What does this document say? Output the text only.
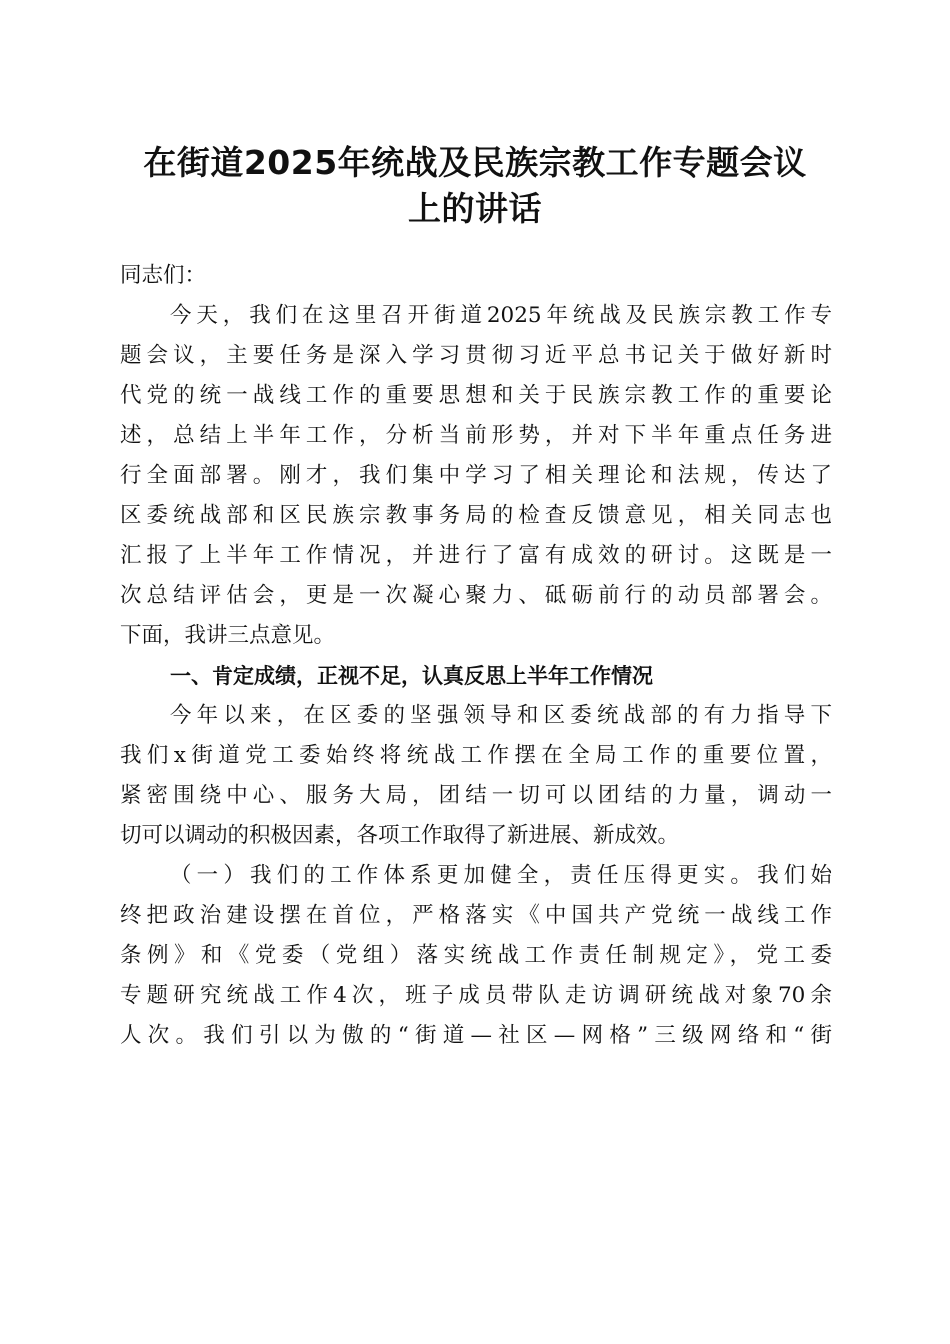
在街道2025年统战及民族宗教工作专题会议
上的讲话
同志们：
今天，我们在这里召开街道2025年统战及民族宗教工作专
题会议，主要任务是深入学习贯彻习近平总书记关于做好新时
代党的统一战线工作的重要思想和关于民族宗教工作的重要论
述，总结上半年工作，分析当前形势，并对下半年重点任务进
行全面部署。刚才，我们集中学习了相关理论和法规，传达了
区委统战部和区民族宗教事务局的检查反馈意见，相关同志也
汇报了上半年工作情况，并进行了富有成效的研讨。这既是一
次总结评估会，更是一次凝心聚力、砥砺前行的动员部署会。
下面，我讲三点意见。
一、肯定成绩，正视不足，认真反思上半年工作情况
今年以来，在区委的坚强领导和区委统战部的有力指导下
我们x街道党工委始终将统战工作摆在全局工作的重要位置，
紧密围绕中心、服务大局，团结一切可以团结的力量，调动一
切可以调动的积极因素，各项工作取得了新进展、新成效。
（一）我们的工作体系更加健全，责任压得更实。我们始
终把政治建设摆在首位，严格落实《中国共产党统一战线工作
条例》和《党委（党组）落实统战工作责任制规定》，党工委
专题研究统战工作4次，班子成员带队走访调研统战对象70余
人次。我们引以为傲的“街道—社区—网格”三级网络和“街
